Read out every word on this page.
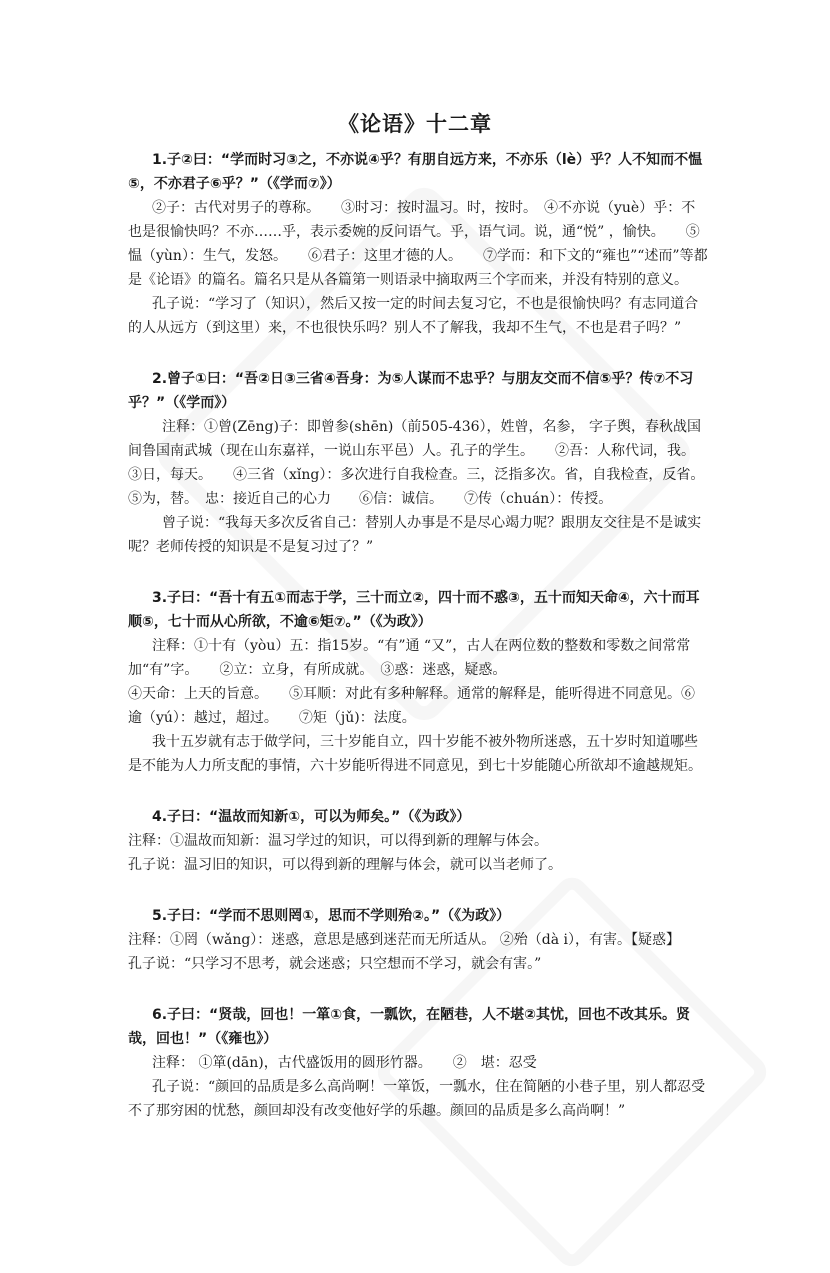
《论语》十二章

1.子②曰：“学而时习③之，不亦说④乎？有朋自远方来，不亦乐（lè）乎？人不知而不愠⑤，不亦君子⑥乎？”（《学而⑦》）

②子：古代对男子的尊称。　　③时习：按时温习。时，按时。　④不亦说（yuè）乎：不也是很愉快吗？不亦……乎，表示委婉的反问语气。乎，语气词。说，通“悦” ，愉快。　　⑤愠（yùn）：生气，发怒。　　⑥君子：这里才德的人。　　⑦学而：和下文的“雍也”“述而”等都是《论语》的篇名。篇名只是从各篇第一则语录中摘取两三个字而来，并没有特别的意义。

孔子说：“学习了（知识），然后又按一定的时间去复习它，不也是很愉快吗？有志同道合的人从远方（到这里）来，不也很快乐吗？别人不了解我，我却不生气，不也是君子吗？”

2.曾子①曰：“吾②日③三省④吾身：为⑤人谋而不忠乎？与朋友交而不信⑤乎？传⑦不习乎？”（《学而》）

注释：①曾(Zēng)子：即曾参(shēn)（前505-436），姓曾，名参， 字子舆，春秋战国间鲁国南武城（现在山东嘉祥，一说山东平邑）人。孔子的学生。　　②吾：人称代词，我。　③日，每天。　　④三省（xǐng）：多次进行自我检查。三，泛指多次。省，自我检查，反省。　⑤为，替。　忠：接近自己的心力　　⑥信：诚信。　　⑦传（chuán）：传授。

曾子说：“我每天多次反省自己：替别人办事是不是尽心竭力呢？跟朋友交往是不是诚实呢？老师传授的知识是不是复习过了？”

3.子曰：“吾十有五①而志于学，三十而立②，四十而不惑③，五十而知天命④，六十而耳顺⑤，七十而从心所欲，不逾⑥矩⑦。”（《为政》）

注释：①十有（yòu）五：指15岁。“有”通 “又”，古人在两位数的整数和零数之间常常加“有”字。　　②立：立身，有所成就。　③惑：迷惑，疑惑。
④天命：上天的旨意。　　⑤耳顺：对此有多种解释。通常的解释是，能听得进不同意见。⑥逾（yú）：越过，超过。　　⑦矩（jǔ)：法度。

我十五岁就有志于做学问，三十岁能自立，四十岁能不被外物所迷惑，五十岁时知道哪些是不能为人力所支配的事情，六十岁能听得进不同意见，到七十岁能随心所欲却不逾越规矩。

4.子曰：“温故而知新①，可以为师矣。”（《为政》）

注释：①温故而知新：温习学过的知识，可以得到新的理解与体会。

孔子说：温习旧的知识，可以得到新的理解与体会，就可以当老师了。

5.子曰：“学而不思则罔①，思而不学则殆②。”（《为政》）

注释：①罔（wǎng）：迷惑，意思是感到迷茫而无所适从。 ②殆（dà i），有害。【疑惑】

孔子说：“只学习不思考，就会迷惑；只空想而不学习，就会有害。”

6.子曰：“贤哉，回也！一箪①食，一瓢饮，在陋巷，人不堪②其忧，回也不改其乐。贤哉，回也！”（《雍也》）

注释： ①箪(dān)，古代盛饭用的圆形竹器。　　②　堪：忍受

孔子说：“颜回的品质是多么高尚啊！一箪饭，一瓢水，住在简陋的小巷子里，别人都忍受不了那穷困的忧愁，颜回却没有改变他好学的乐趣。颜回的品质是多么高尚啊！”
